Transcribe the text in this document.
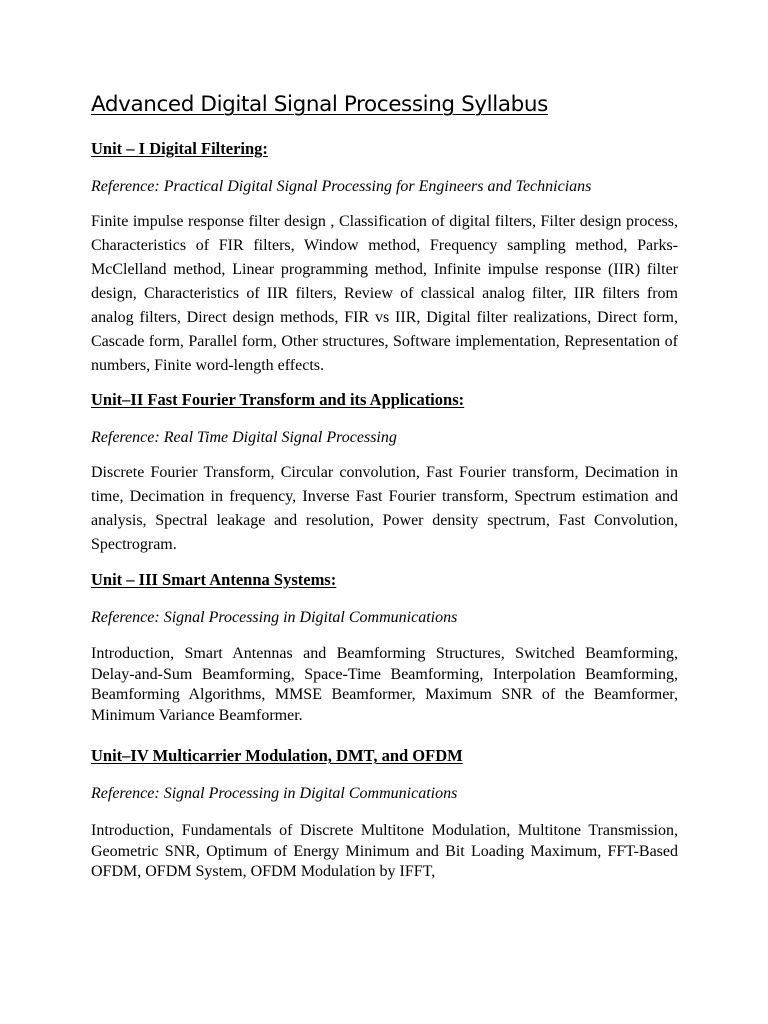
Advanced Digital Signal Processing Syllabus

Unit – I Digital Filtering:

Reference: Practical Digital Signal Processing for Engineers and Technicians

Finite impulse response filter design , Classification of digital filters, Filter design process, Characteristics of FIR filters, Window method, Frequency sampling method, Parks-McClelland method, Linear programming method, Infinite impulse response (IIR) filter design, Characteristics of IIR filters, Review of classical analog filter, IIR filters from analog filters, Direct design methods, FIR vs IIR, Digital filter realizations, Direct form, Cascade form, Parallel form, Other structures, Software implementation, Representation of numbers, Finite word-length effects.

Unit–II Fast Fourier Transform and its Applications:

Reference: Real Time Digital Signal Processing

Discrete Fourier Transform, Circular convolution, Fast Fourier transform, Decimation in time, Decimation in frequency, Inverse Fast Fourier transform, Spectrum estimation and analysis, Spectral leakage and resolution, Power density spectrum, Fast Convolution, Spectrogram.

Unit – III Smart Antenna Systems:

Reference: Signal Processing in Digital Communications

Introduction, Smart Antennas and Beamforming Structures, Switched Beamforming, Delay-and-Sum Beamforming, Space-Time Beamforming, Interpolation Beamforming, Beamforming Algorithms, MMSE Beamformer, Maximum SNR of the Beamformer, Minimum Variance Beamformer.

Unit–IV Multicarrier Modulation, DMT, and OFDM

Reference: Signal Processing in Digital Communications

Introduction, Fundamentals of Discrete Multitone Modulation, Multitone Transmission, Geometric SNR, Optimum of Energy Minimum and Bit Loading Maximum, FFT-Based OFDM, OFDM System, OFDM Modulation by IFFT,
